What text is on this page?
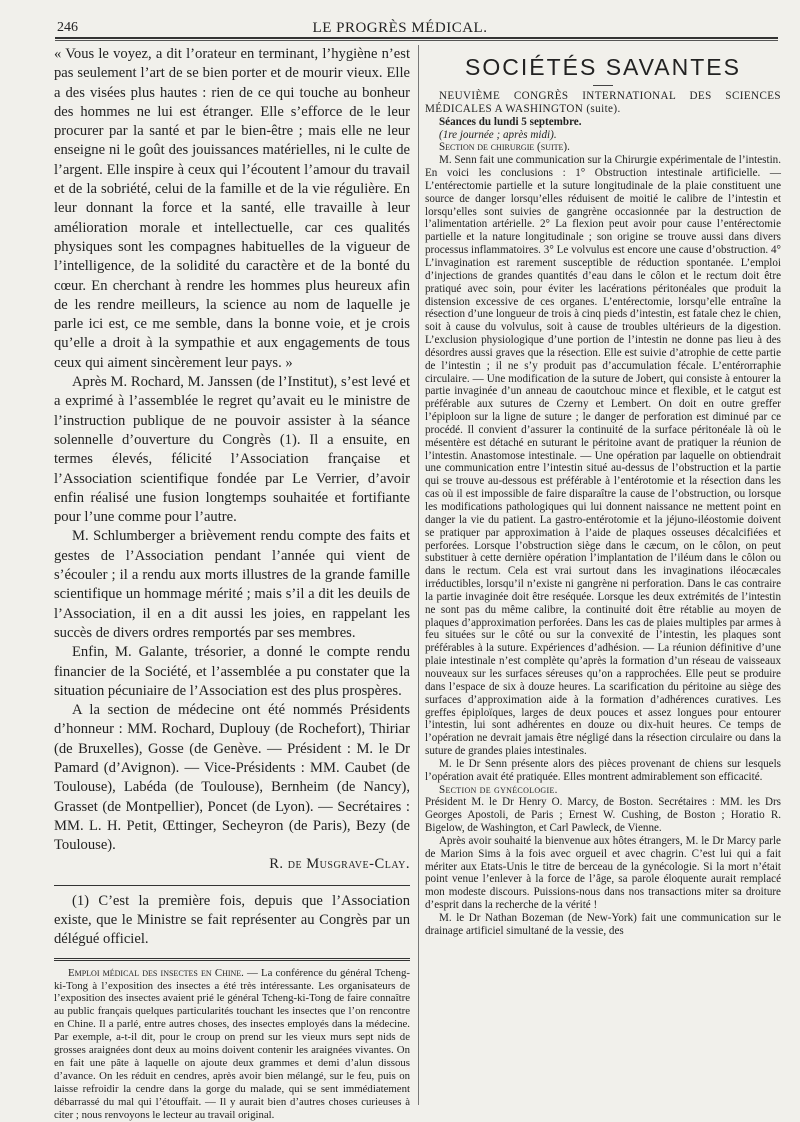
246	LE PROGRÈS MÉDICAL.

« Vous le voyez, a dit l’orateur en terminant, l’hygiène n’est pas seulement l’art de se bien porter et de mourir vieux. Elle a des visées plus hautes : rien de ce qui touche au bonheur des hommes ne lui est étranger. Elle s’efforce de le leur procurer par la santé et par le bien-être ; mais elle ne leur enseigne ni le goût des jouissances matérielles, ni le culte de l’argent. Elle inspire à ceux qui l’écoutent l’amour du travail et de la sobriété, celui de la famille et de la vie régulière. En leur donnant la force et la santé, elle travaille à leur amélioration morale et intellectuelle, car ces qualités physiques sont les compagnes habituelles de la vigueur de l’intelligence, de la solidité du caractère et de la bonté du cœur. En cherchant à rendre les hommes plus heureux afin de les rendre meilleurs, la science au nom de laquelle je parle ici est, ce me semble, dans la bonne voie, et je crois qu’elle a droit à la sympathie et aux engagements de tous ceux qui aiment sincèrement leur pays. »

Après M. Rochard, M. Janssen (de l’Institut), s’est levé et a exprimé à l’assemblée le regret qu’avait eu le ministre de l’instruction publique de ne pouvoir assister à la séance solennelle d’ouverture du Congrès (1). Il a ensuite, en termes élevés, félicité l’Association française et l’Association scientifique fondée par Le Verrier, d’avoir enfin réalisé une fusion longtemps souhaitée et fortifiante pour l’une comme pour l’autre.

M. Schlumberger a brièvement rendu compte des faits et gestes de l’Association pendant l’année qui vient de s’écouler ; il a rendu aux morts illustres de la grande famille scientifique un hommage mérité ; mais s’il a dit les deuils de l’Association, il en a dit aussi les joies, en rappelant les succès de divers ordres remportés par ses membres.

Enfin, M. Galante, trésorier, a donné le compte rendu financier de la Société, et l’assemblée a pu constater que la situation pécuniaire de l’Association est des plus prospères.

A la section de médecine ont été nommés Présidents d’honneur : MM. Rochard, Duplouy (de Rochefort), Thiriar (de Bruxelles), Gosse (de Genève. — Président : M. le Dr Pamard (d’Avignon). — Vice-Présidents : MM. Caubet (de Toulouse), Labéda (de Toulouse), Bernheim (de Nancy), Grasset (de Montpellier), Poncet (de Lyon). — Secrétaires : MM. L. H. Petit, Œttinger, Secheyron (de Paris), Bezy (de Toulouse).

R. de Musgrave-Clay.

(1) C’est la première fois, depuis que l’Association existe, que le Ministre se fait représenter au Congrès par un délégué officiel.

Emploi médical des insectes en Chine. — La conférence du général Tcheng-ki-Tong à l’exposition des insectes a été très intéressante. Les organisateurs de l’exposition des insectes avaient prié le général Tcheng-ki-Tong de faire connaître au public français quelques particularités touchant les insectes que l’on rencontre en Chine. Il a parlé, entre autres choses, des insectes employés dans la médecine. Par exemple, a-t-il dit, pour le croup on prend sur les vieux murs sept nids de grosses araignées dont deux au moins doivent contenir les araignées vivantes. On en fait une pâte à laquelle on ajoute deux grammes et demi d’alun dissous d’avance. On les réduit en cendres, après avoir bien mélangé, sur le feu, puis on laisse refroidir la cendre dans la gorge du malade, qui se sent immédiatement débarrassé du mal qui l’étouffait. — Il y aurait bien d’autres choses curieuses à citer ; nous renvoyons le lecteur au travail original.

SOCIÉTÉS SAVANTES

NEUVIÈME CONGRÈS INTERNATIONAL DES SCIENCES MÉDICALES A WASHINGTON (suite).

Séances du lundi 5 septembre.

(1re journée ; après midi).

Section de chirurgie (suite).

M. Senn fait une communication sur la Chirurgie expérimentale de l’intestin. En voici les conclusions : 1° Obstruction intestinale artificielle. — L’entérectomie partielle et la suture longitudinale de la plaie constituent une source de danger lorsqu’elles réduisent de moitié le calibre de l’intestin et lorsqu’elles sont suivies de gangrène occasionnée par la destruction de l’alimentation artérielle. 2° La flexion peut avoir pour cause l’entérectomie partielle et la nature longitudinale ; son origine se trouve aussi dans divers processus inflammatoires. 3° Le volvulus est encore une cause d’obstruction. 4° L’invagination est rarement susceptible de réduction spontanée. L’emploi d’injections de grandes quantités d’eau dans le côlon et le rectum doit être pratiqué avec soin, pour éviter les lacérations péritonéales que produit la distension excessive de ces organes. L’entérectomie, lorsqu’elle entraîne la résection d’une longueur de trois à cinq pieds d’intestin, est fatale chez le chien, soit à cause du volvulus, soit à cause de troubles ultérieurs de la digestion. L’exclusion physiologique d’une portion de l’intestin ne donne pas lieu à des désordres aussi graves que la résection. Elle est suivie d’atrophie de cette partie de l’intestin ; il ne s’y produit pas d’accumulation fécale. L’entérorraphie circulaire. — Une modification de la suture de Jobert, qui consiste à entourer la partie invaginée d’un anneau de caoutchouc mince et flexible, et le catgut est préférable aux sutures de Czerny et Lembert. On doit en outre greffer l’épiploon sur la ligne de suture ; le danger de perforation est diminué par ce procédé. Il convient d’assurer la continuité de la surface péritonéale là où le mésentère est détaché en suturant le péritoine avant de pratiquer la réunion de l’intestin. Anastomose intestinale. — Une opération par laquelle on obtiendrait une communication entre l’intestin situé au-dessus de l’obstruction et la partie qui se trouve au-dessous est préférable à l’entérotomie et la résection dans les cas où il est impossible de faire disparaître la cause de l’obstruction, ou lorsque les modifications pathologiques qui lui donnent naissance ne mettent point en danger la vie du patient. La gastro-entérotomie et la jéjuno-iléostomie doivent se pratiquer par approximation à l’aide de plaques osseuses décalcifiées et perforées. Lorsque l’obstruction siège dans le cæcum, on le côlon, on peut substituer à cette dernière opération l’implantation de l’iléum dans le côlon ou dans le rectum. Cela est vrai surtout dans les invaginations iléocæcales irréductibles, lorsqu’il n’existe ni gangrène ni perforation. Dans le cas contraire la partie invaginée doit être reséquée. Lorsque les deux extrémités de l’intestin ne sont pas du même calibre, la continuité doit être rétablie au moyen de plaques d’approximation perforées. Dans les cas de plaies multiples par armes à feu situées sur le côté ou sur la convexité de l’intestin, les plaques sont préférables à la suture. Expériences d’adhésion. — La réunion définitive d’une plaie intestinale n’est complète qu’après la formation d’un réseau de vaisseaux nouveaux sur les surfaces séreuses qu’on a rapprochées. Elle peut se produire dans l’espace de six à douze heures. La scarification du péritoine au siège des surfaces d’approximation aide à la formation d’adhérences curatives. Les greffes épiploïques, larges de deux pouces et assez longues pour entourer l’intestin, lui sont adhérentes en douze ou dix-huit heures. Ce temps de l’opération ne devrait jamais être négligé dans la résection circulaire ou dans la suture de grandes plaies intestinales.

M. le Dr Senn présente alors des pièces provenant de chiens sur lesquels l’opération avait été pratiquée. Elles montrent admirablement son efficacité.

Section de gynécologie.

Président M. le Dr Henry O. Marcy, de Boston. Secrétaires : MM. les Drs Georges Apostoli, de Paris ; Ernest W. Cushing, de Boston ; Horatio R. Bigelow, de Washington, et Carl Pawleck, de Vienne.

Après avoir souhaité la bienvenue aux hôtes étrangers, M. le Dr Marcy parle de Marion Sims à la fois avec orgueil et avec chagrin. C’est lui qui a fait mériter aux Etats-Unis le titre de berceau de la gynécologie. Si la mort n’était point venue l’enlever à la force de l’âge, sa parole éloquente aurait remplacé mon modeste discours. Puissions-nous dans nos transactions miter sa droiture d’esprit dans la recherche de la vérité !

M. le Dr Nathan Bozeman (de New-York) fait une communication sur le drainage artificiel simultané de la vessie, des
